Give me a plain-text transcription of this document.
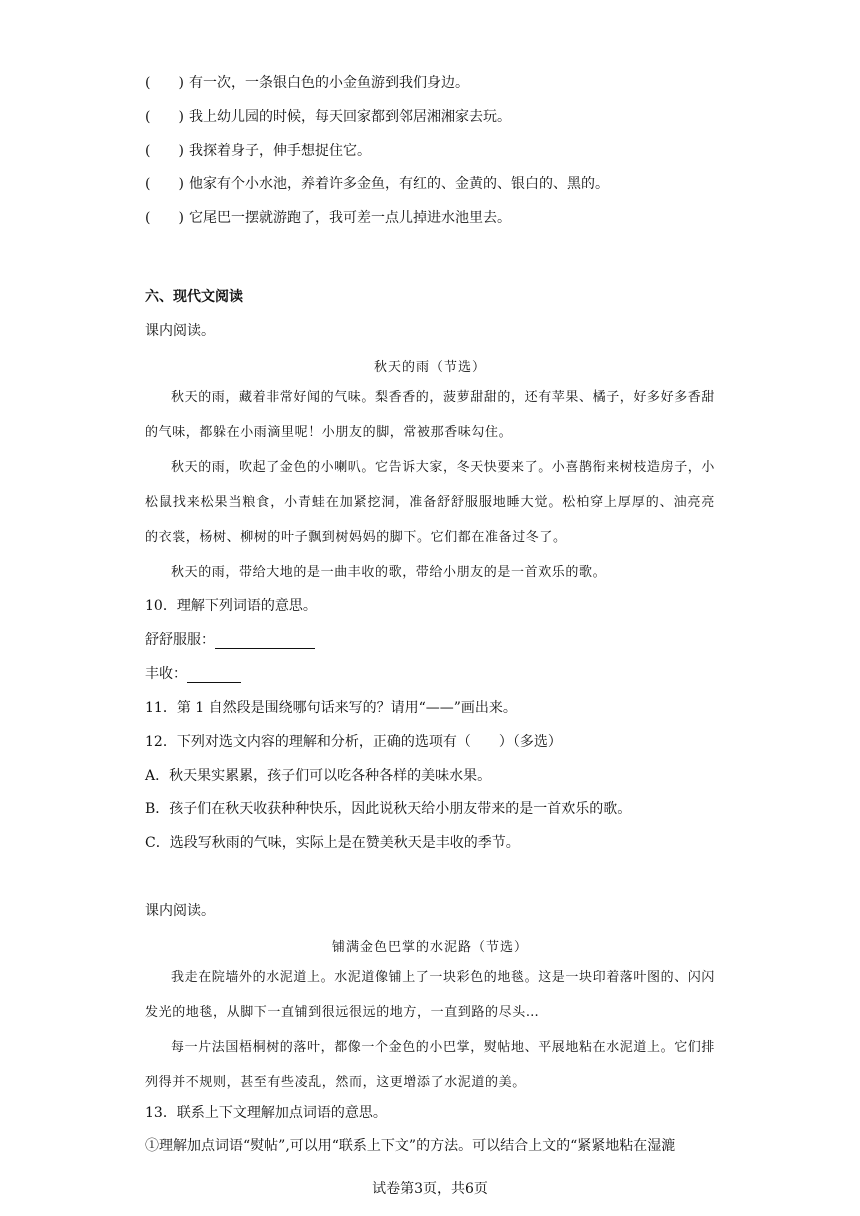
(　　) 有一次，一条银白色的小金鱼游到我们身边。
(　　) 我上幼儿园的时候，每天回家都到邻居湘湘家去玩。
(　　) 我探着身子，伸手想捉住它。
(　　) 他家有个小水池，养着许多金鱼，有红的、金黄的、银白的、黑的。
(　　) 它尾巴一摆就游跑了，我可差一点儿掉进水池里去。
六、现代文阅读
课内阅读。
秋天的雨（节选）
秋天的雨，藏着非常好闻的气味。梨香香的，菠萝甜甜的，还有苹果、橘子，好多好多香甜的气味，都躲在小雨滴里呢！小朋友的脚，常被那香味勾住。
秋天的雨，吹起了金色的小喇叭。它告诉大家，冬天快要来了。小喜鹊衔来树枝造房子，小松鼠找来松果当粮食，小青蛙在加紧挖洞，准备舒舒服服地睡大觉。松柏穿上厚厚的、油亮亮的衣裳，杨树、柳树的叶子飘到树妈妈的脚下。它们都在准备过冬了。
秋天的雨，带给大地的是一曲丰收的歌，带给小朋友的是一首欢乐的歌。
10．理解下列词语的意思。
舒舒服服：
丰收：
11．第 1 自然段是围绕哪句话来写的？请用“——”画出来。
12．下列对选文内容的理解和分析，正确的选项有（　　）（多选）
A．秋天果实累累，孩子们可以吃各种各样的美味水果。
B．孩子们在秋天收获种种快乐，因此说秋天给小朋友带来的是一首欢乐的歌。
C．选段写秋雨的气味，实际上是在赞美秋天是丰收的季节。
课内阅读。
铺满金色巴掌的水泥路（节选）
我走在院墙外的水泥道上。水泥道像铺上了一块彩色的地毯。这是一块印着落叶图的、闪闪发光的地毯，从脚下一直铺到很远很远的地方，一直到路的尽头…
每一片法国梧桐树的落叶，都像一个金色的小巴掌，熨帖地、平展地粘在水泥道上。它们排列得并不规则，甚至有些凌乱，然而，这更增添了水泥道的美。
13．联系上下文理解加点词语的意思。
①理解加点词语“熨帖”,可以用“联系上下文”的方法。可以结合上文的“紧紧地粘在湿漉
试卷第3页，共6页
